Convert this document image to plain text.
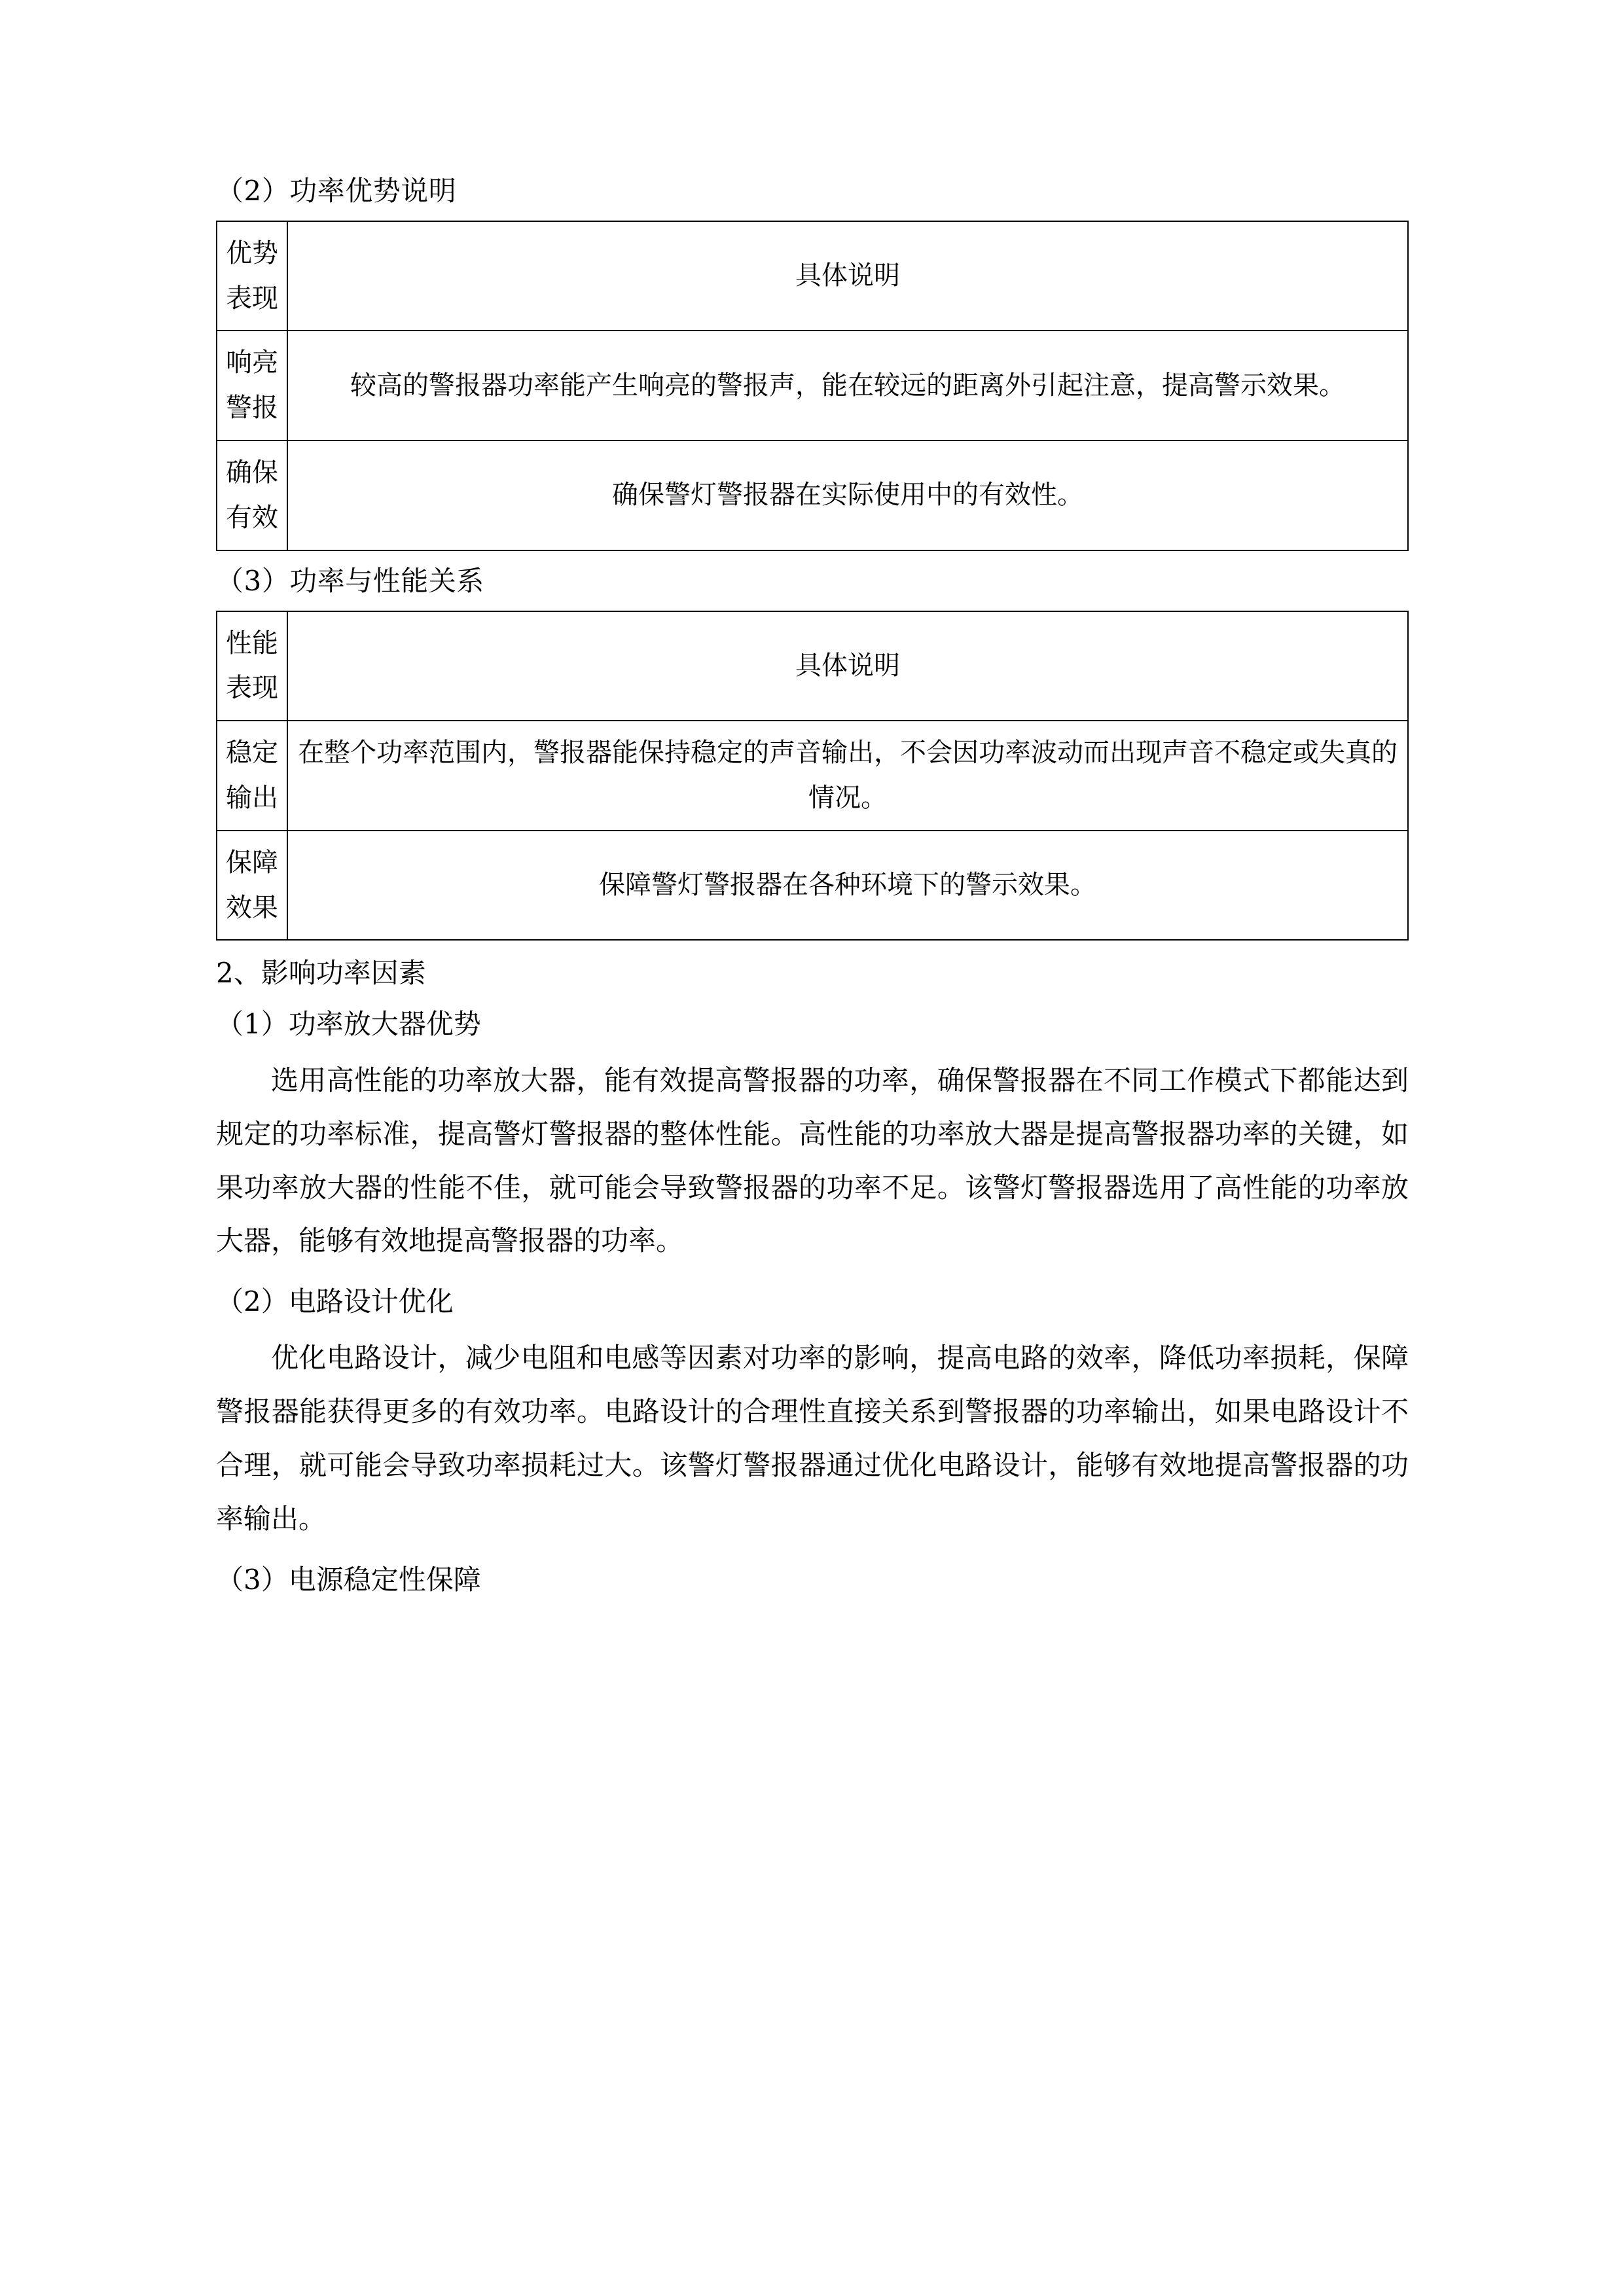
（2）功率优势说明

优势表现	具体说明
响亮警报	较高的警报器功率能产生响亮的警报声，能在较远的距离外引起注意，提高警示效果。
确保有效	确保警灯警报器在实际使用中的有效性。

（3）功率与性能关系

性能表现	具体说明
稳定输出	在整个功率范围内，警报器能保持稳定的声音输出，不会因功率波动而出现声音不稳定或失真的情况。
保障效果	保障警灯警报器在各种环境下的警示效果。

2、影响功率因素

（1）功率放大器优势

选用高性能的功率放大器，能有效提高警报器的功率，确保警报器在不同工作模式下都能达到规定的功率标准，提高警灯警报器的整体性能。高性能的功率放大器是提高警报器功率的关键，如果功率放大器的性能不佳，就可能会导致警报器的功率不足。该警灯警报器选用了高性能的功率放大器，能够有效地提高警报器的功率。

（2）电路设计优化

优化电路设计，减少电阻和电感等因素对功率的影响，提高电路的效率，降低功率损耗，保障警报器能获得更多的有效功率。电路设计的合理性直接关系到警报器的功率输出，如果电路设计不合理，就可能会导致功率损耗过大。该警灯警报器通过优化电路设计，能够有效地提高警报器的功率输出。

（3）电源稳定性保障
